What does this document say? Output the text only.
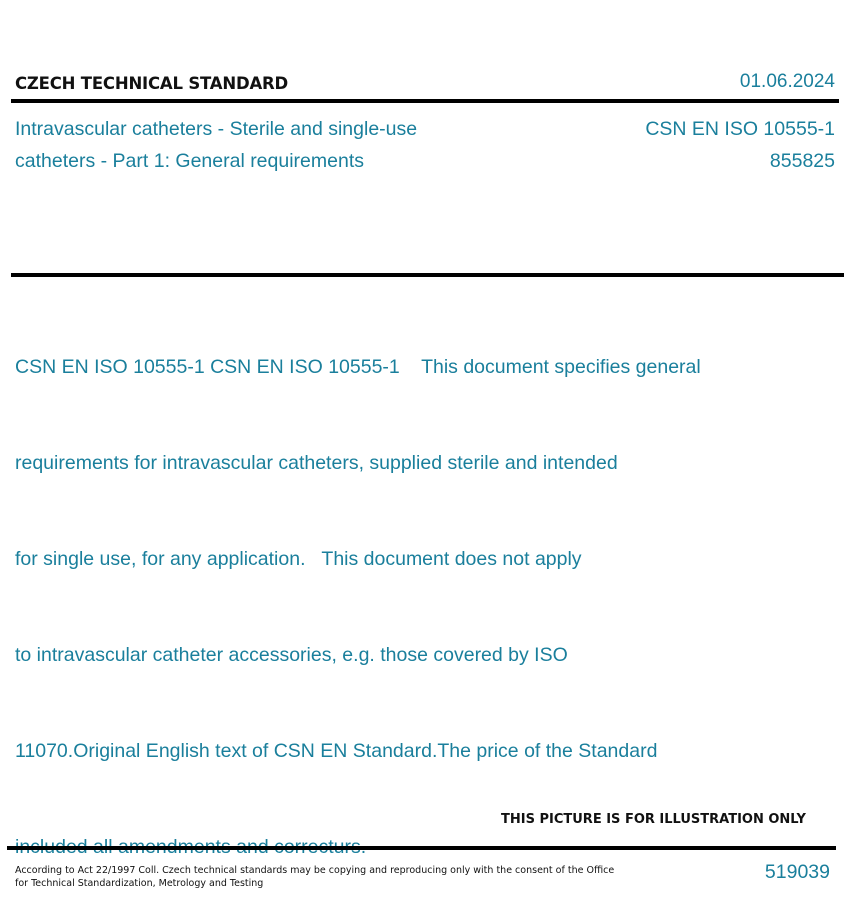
CZECH TECHNICAL STANDARD	01.06.2024
Intravascular catheters - Sterile and single-use
catheters - Part 1: General requirements
CSN EN ISO 10555-1
855825

CSN EN ISO 10555-1 CSN EN ISO 10555-1    This document specifies general

requirements for intravascular catheters, supplied sterile and intended

for single use, for any application.   This document does not apply

to intravascular catheter accessories, e.g. those covered by ISO

11070.Original English text of CSN EN Standard.The price of the Standard

THIS PICTURE IS FOR ILLUSTRATION ONLY
According to Act 22/1997 Coll. Czech technical standards may be copying and reproducing only with the consent of the Office
for Technical Standardization, Metrology and Testing
519039
